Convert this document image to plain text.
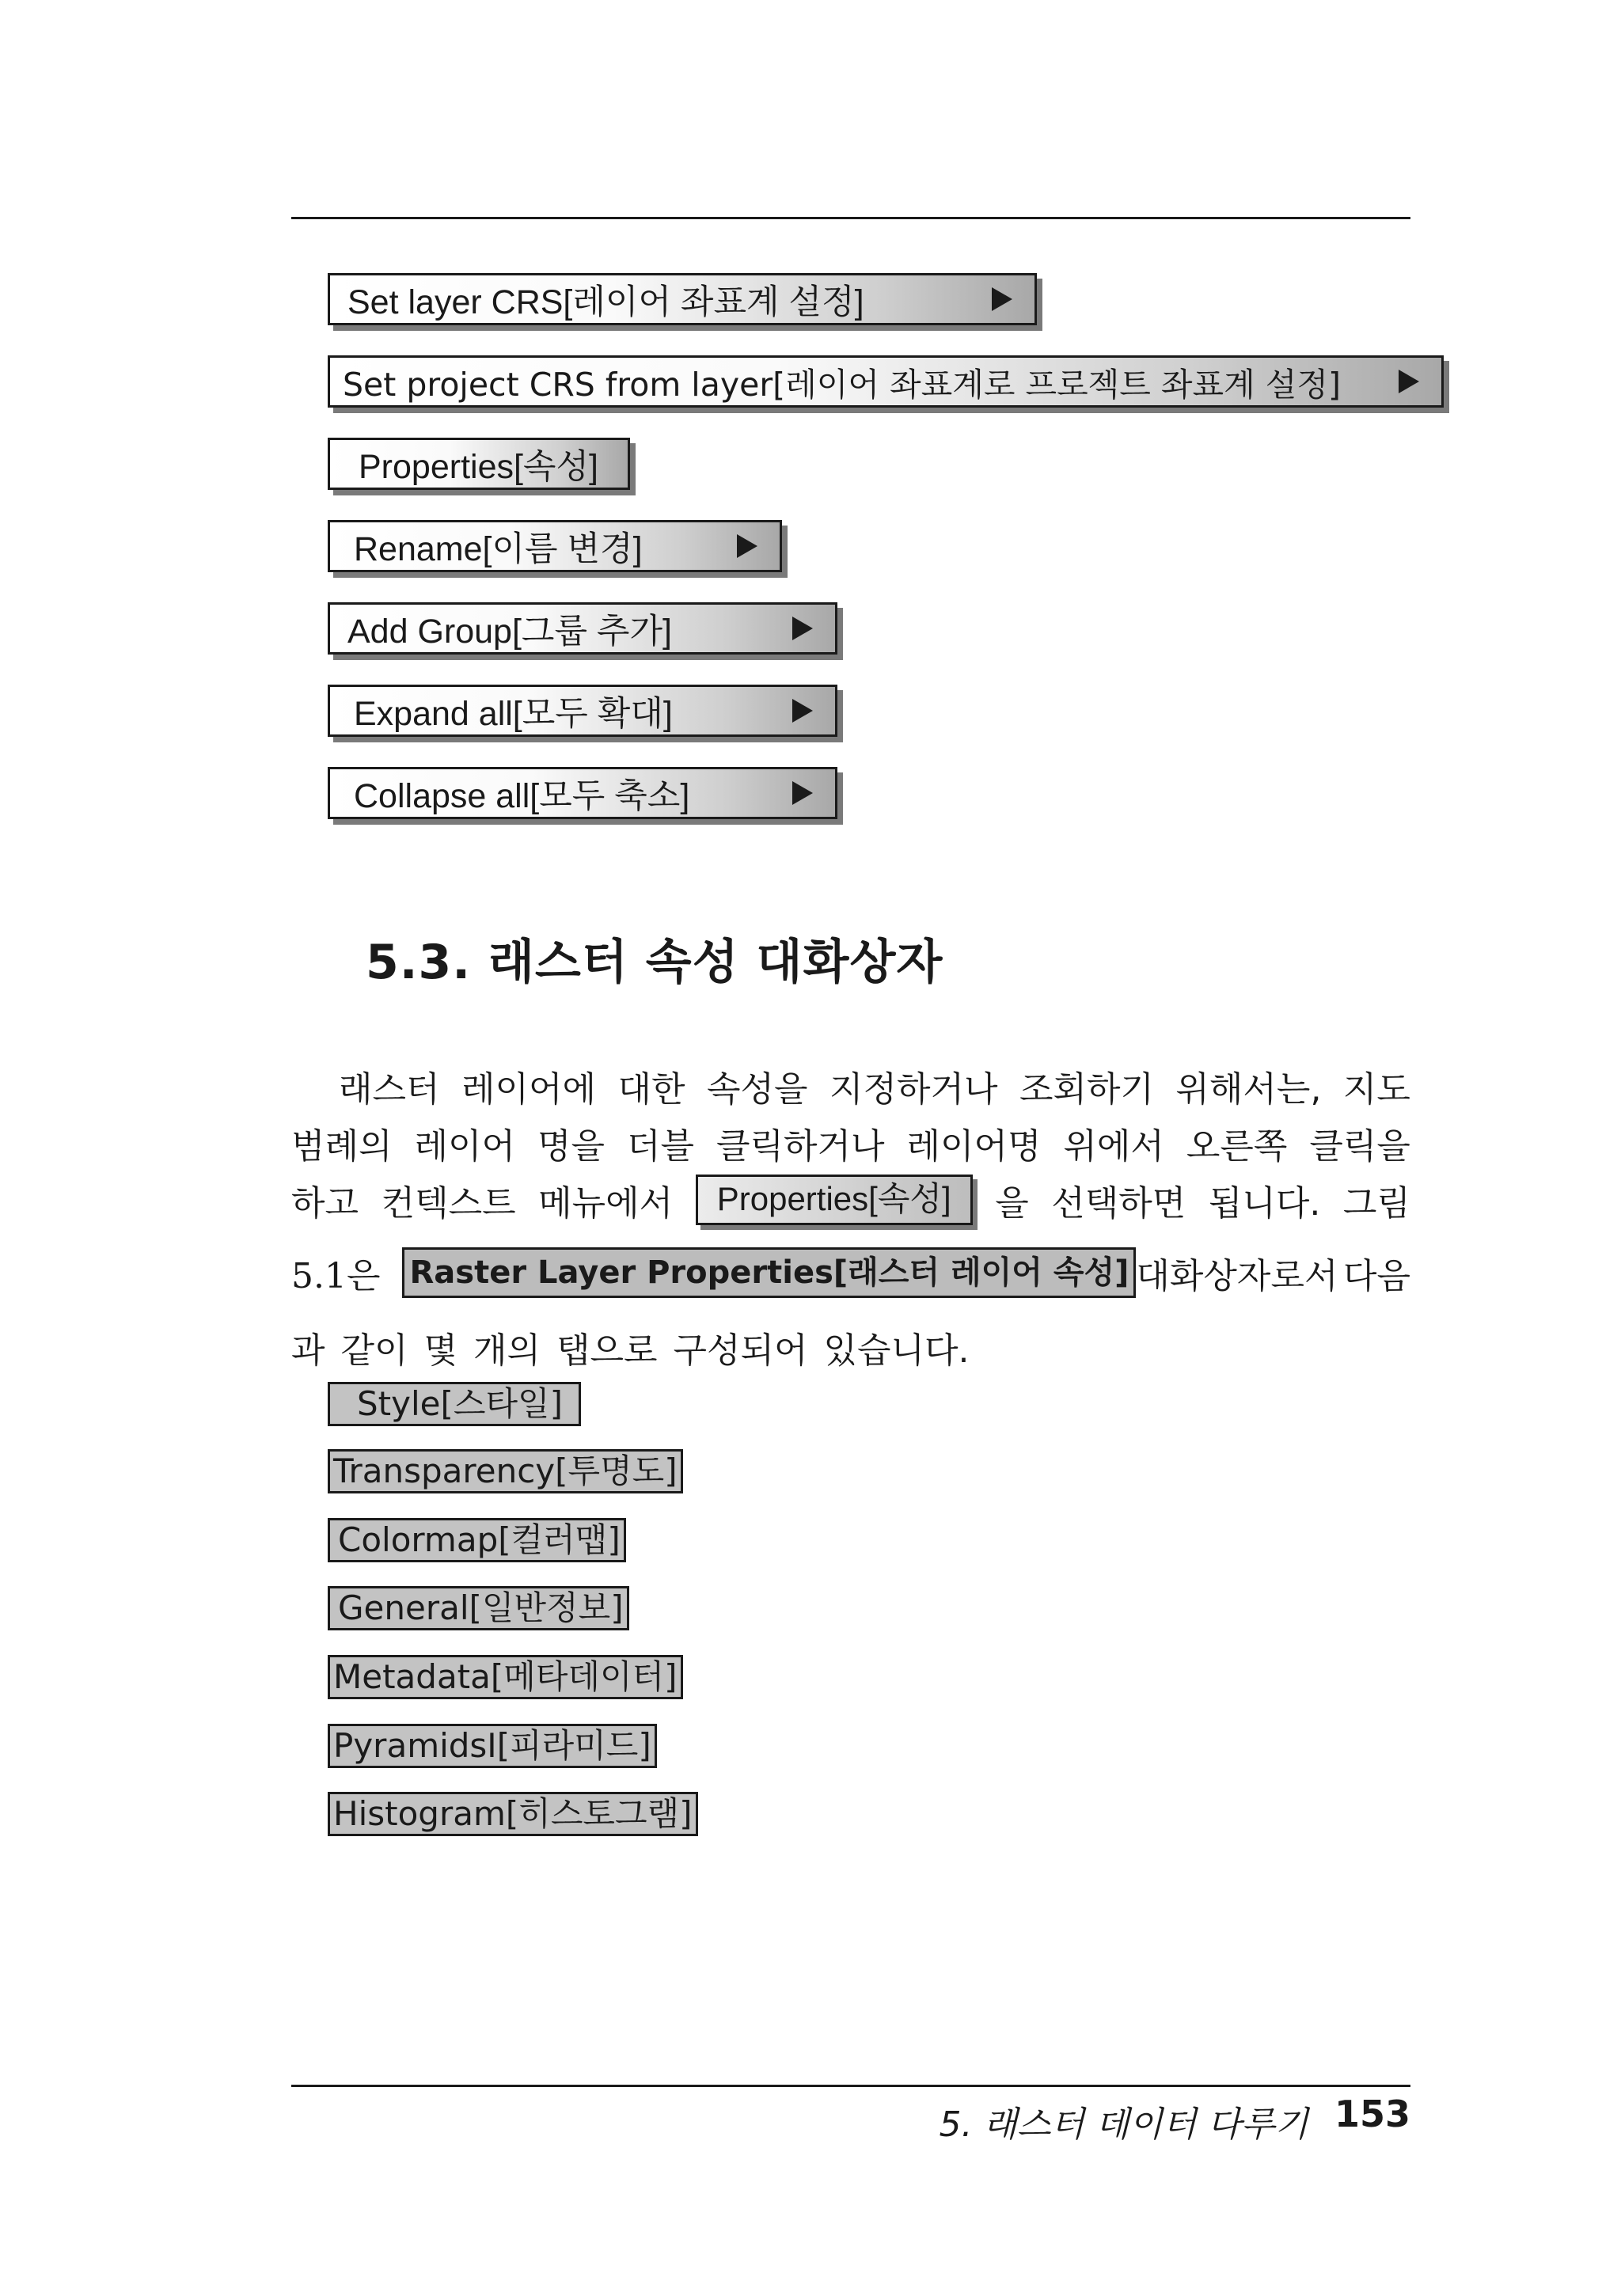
Set layer CRS[레이어 좌표계 설정]
Set project CRS from layer[레이어 좌표계로 프로젝트 좌표계 설정]
Properties[속성]
Rename[이름 변경]
Add Group[그룹 추가]
Expand all[모두 확대]
Collapse all[모두 축소]
5.3. 래스터 속성 대화상자
래스터 레이어에 대한 속성을 지정하거나 조회하기 위해서는, 지도
범례의 레이어 명을 더블 클릭하거나 레이어명 위에서 오른쪽 클릭을
하고 컨텍스트 메뉴에서	Properties[속성]	을 선택하면 됩니다. 그림
5.1은 Raster Layer Properties[래스터 레이어 속성] 대화상자로서 다음
과 같이 몇 개의 탭으로 구성되어 있습니다.
Style[스타일]
Transparency[투명도]
Colormap[컬러맵]
General[일반정보]
Metadata[메타데이터]
PyramidsI[피라미드]
Histogram[히스토그램]
5. 래스터 데이터 다루기 153
